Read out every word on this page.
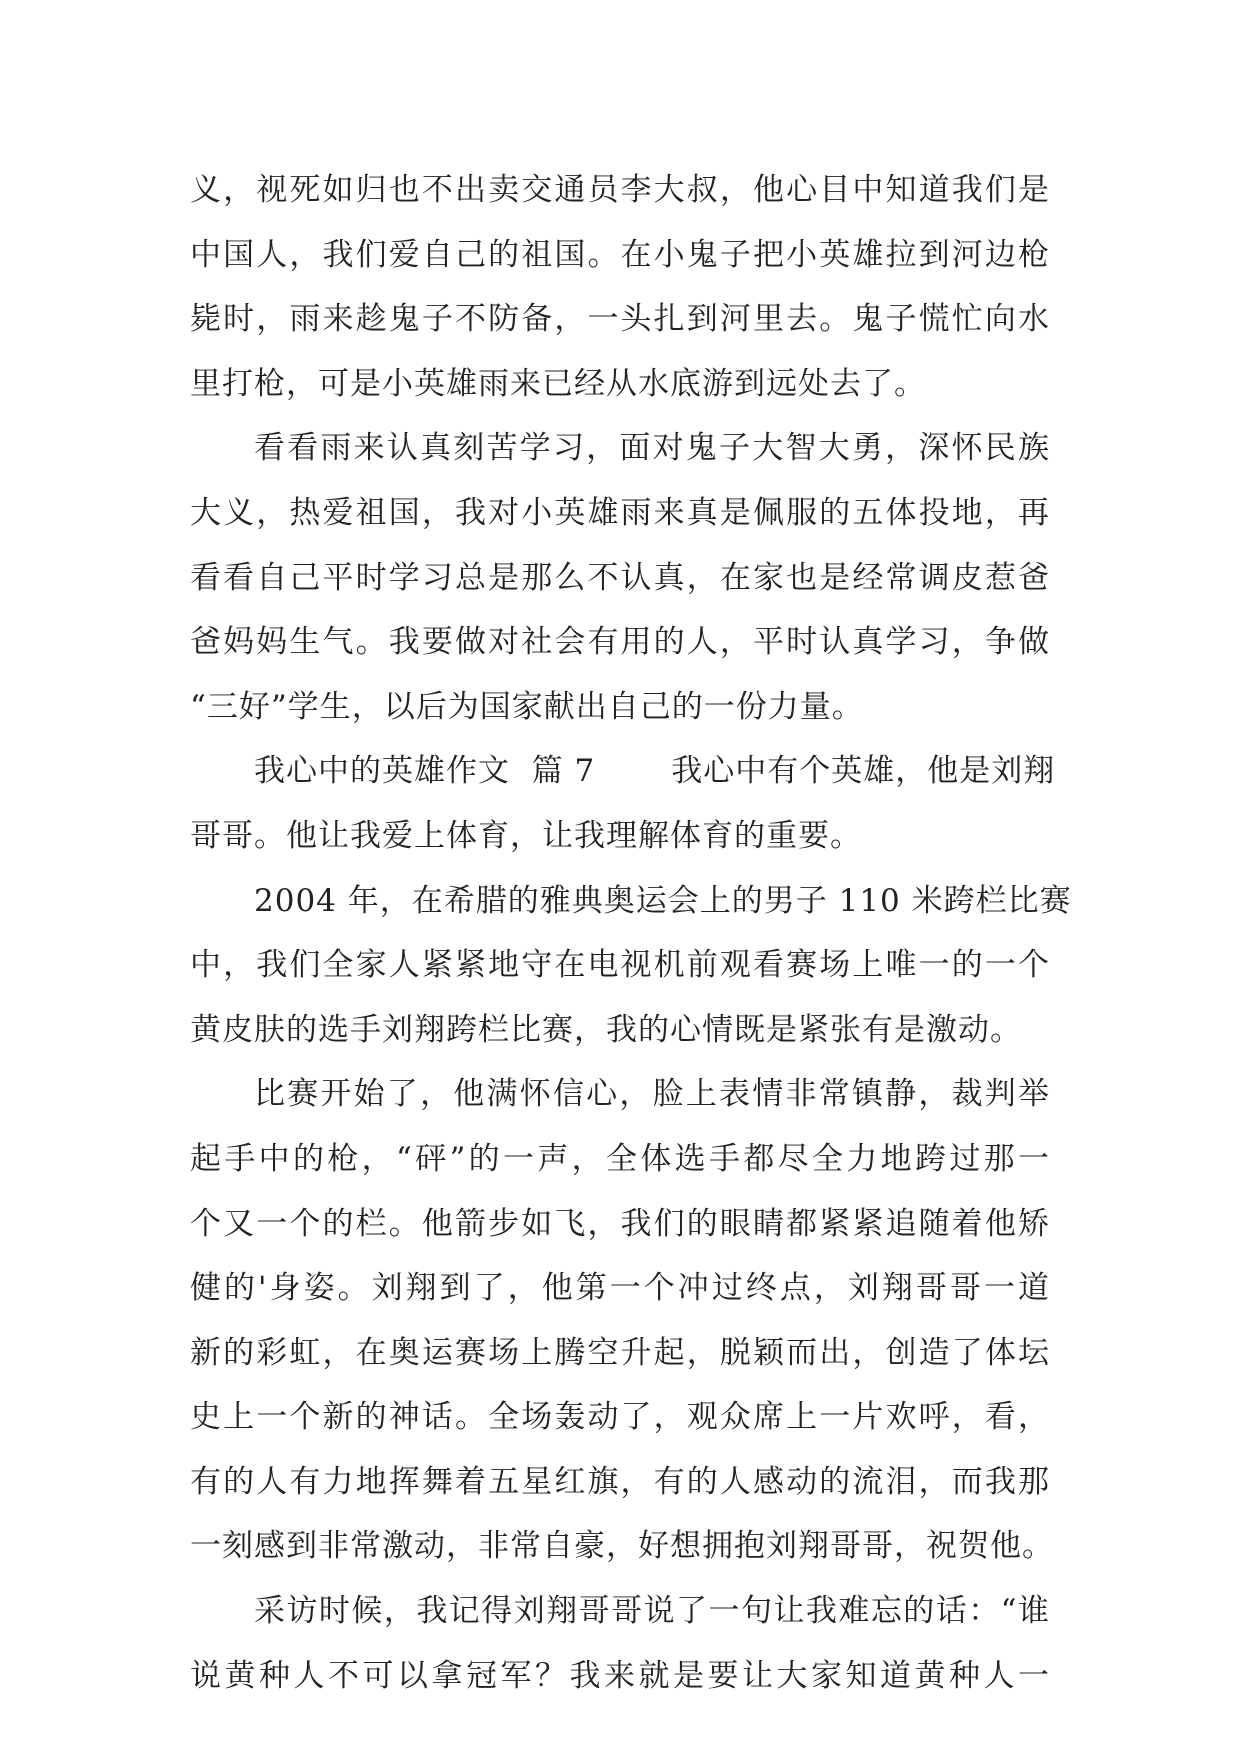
义，视死如归也不出卖交通员李大叔，他心目中知道我们是
中国人，我们爱自己的祖国。在小鬼子把小英雄拉到河边枪
毙时，雨来趁鬼子不防备，一头扎到河里去。鬼子慌忙向水
里打枪，可是小英雄雨来已经从水底游到远处去了。
看看雨来认真刻苦学习，面对鬼子大智大勇，深怀民族
大义，热爱祖国，我对小英雄雨来真是佩服的五体投地，再
看看自己平时学习总是那么不认真，在家也是经常调皮惹爸
爸妈妈生气。我要做对社会有用的人，平时认真学习，争做
“三好”学生，以后为国家献出自己的一份力量。
我心中的英雄作文  篇 7       我心中有个英雄，他是刘翔
哥哥。他让我爱上体育，让我理解体育的重要。
2004 年，在希腊的雅典奥运会上的男子 110 米跨栏比赛
中，我们全家人紧紧地守在电视机前观看赛场上唯一的一个
黄皮肤的选手刘翔跨栏比赛，我的心情既是紧张有是激动。
比赛开始了，他满怀信心，脸上表情非常镇静，裁判举
起手中的枪，“砰”的一声，全体选手都尽全力地跨过那一
个又一个的栏。他箭步如飞，我们的眼睛都紧紧追随着他矫
健的'身姿。刘翔到了，他第一个冲过终点，刘翔哥哥一道
新的彩虹，在奥运赛场上腾空升起，脱颖而出，创造了体坛
史上一个新的神话。全场轰动了，观众席上一片欢呼，看，
有的人有力地挥舞着五星红旗，有的人感动的流泪，而我那
一刻感到非常激动，非常自豪，好想拥抱刘翔哥哥，祝贺他。
采访时候，我记得刘翔哥哥说了一句让我难忘的话：“谁
说黄种人不可以拿冠军？我来就是要让大家知道黄种人一
